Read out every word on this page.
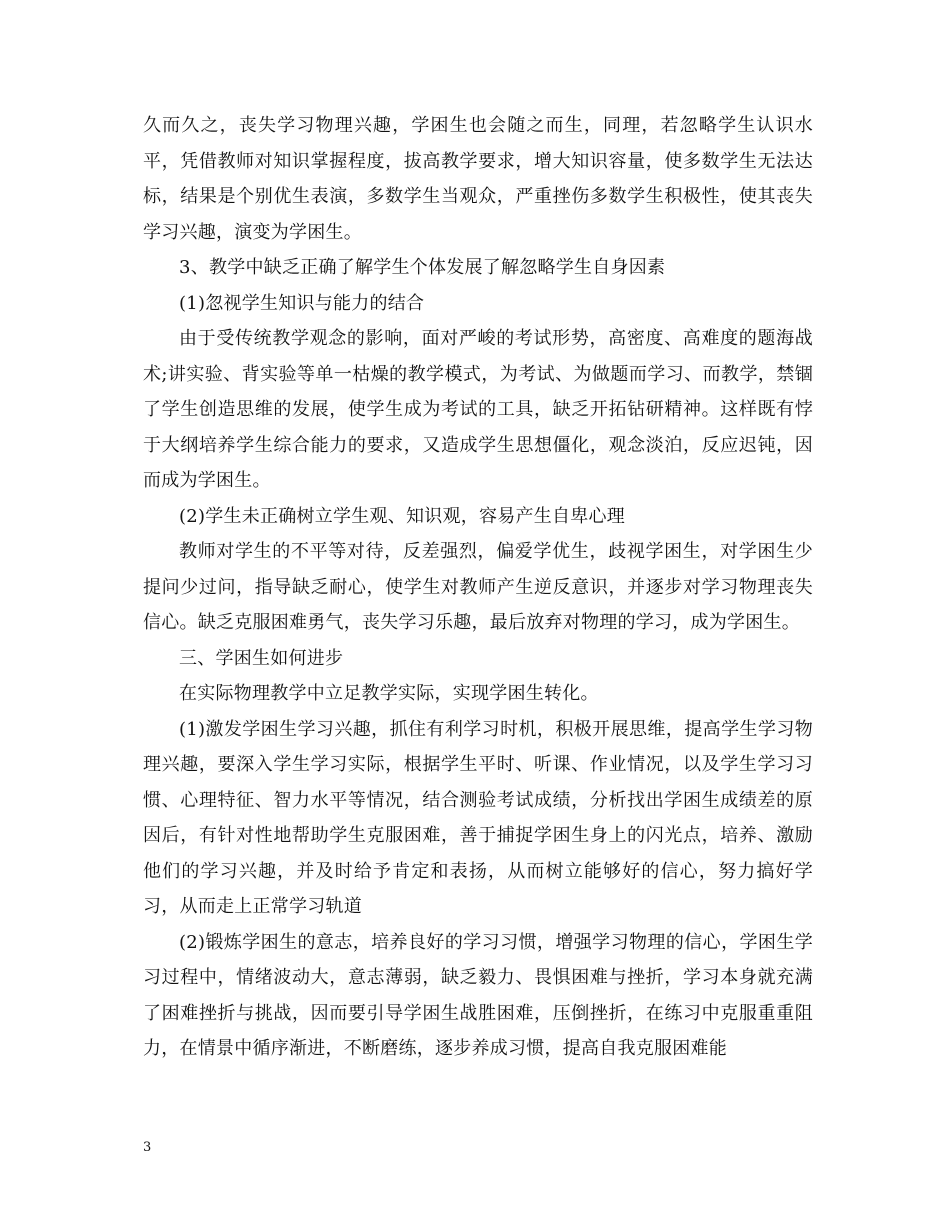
久而久之，丧失学习物理兴趣，学困生也会随之而生，同理，若忽略学生认识水平，凭借教师对知识掌握程度，拔高教学要求，增大知识容量，使多数学生无法达标，结果是个别优生表演，多数学生当观众，严重挫伤多数学生积极性，使其丧失学习兴趣，演变为学困生。

3、教学中缺乏正确了解学生个体发展了解忽略学生自身因素

(1)忽视学生知识与能力的结合

由于受传统教学观念的影响，面对严峻的考试形势，高密度、高难度的题海战术;讲实验、背实验等单一枯燥的教学模式，为考试、为做题而学习、而教学，禁锢了学生创造思维的发展，使学生成为考试的工具，缺乏开拓钻研精神。这样既有悖于大纲培养学生综合能力的要求，又造成学生思想僵化，观念淡泊，反应迟钝，因而成为学困生。

(2)学生未正确树立学生观、知识观，容易产生自卑心理

教师对学生的不平等对待，反差强烈，偏爱学优生，歧视学困生，对学困生少提问少过问，指导缺乏耐心，使学生对教师产生逆反意识，并逐步对学习物理丧失信心。缺乏克服困难勇气，丧失学习乐趣，最后放弃对物理的学习，成为学困生。

三、学困生如何进步

在实际物理教学中立足教学实际，实现学困生转化。

(1)激发学困生学习兴趣，抓住有利学习时机，积极开展思维，提高学生学习物理兴趣，要深入学生学习实际，根据学生平时、听课、作业情况，以及学生学习习惯、心理特征、智力水平等情况，结合测验考试成绩，分析找出学困生成绩差的原因后，有针对性地帮助学生克服困难，善于捕捉学困生身上的闪光点，培养、激励他们的学习兴趣，并及时给予肯定和表扬，从而树立能够好的信心，努力搞好学习，从而走上正常学习轨道

(2)锻炼学困生的意志，培养良好的学习习惯，增强学习物理的信心，学困生学习过程中，情绪波动大，意志薄弱，缺乏毅力、畏惧困难与挫折，学习本身就充满了困难挫折与挑战，因而要引导学困生战胜困难，压倒挫折，在练习中克服重重阻力，在情景中循序渐进，不断磨练，逐步养成习惯，提高自我克服困难能

3
